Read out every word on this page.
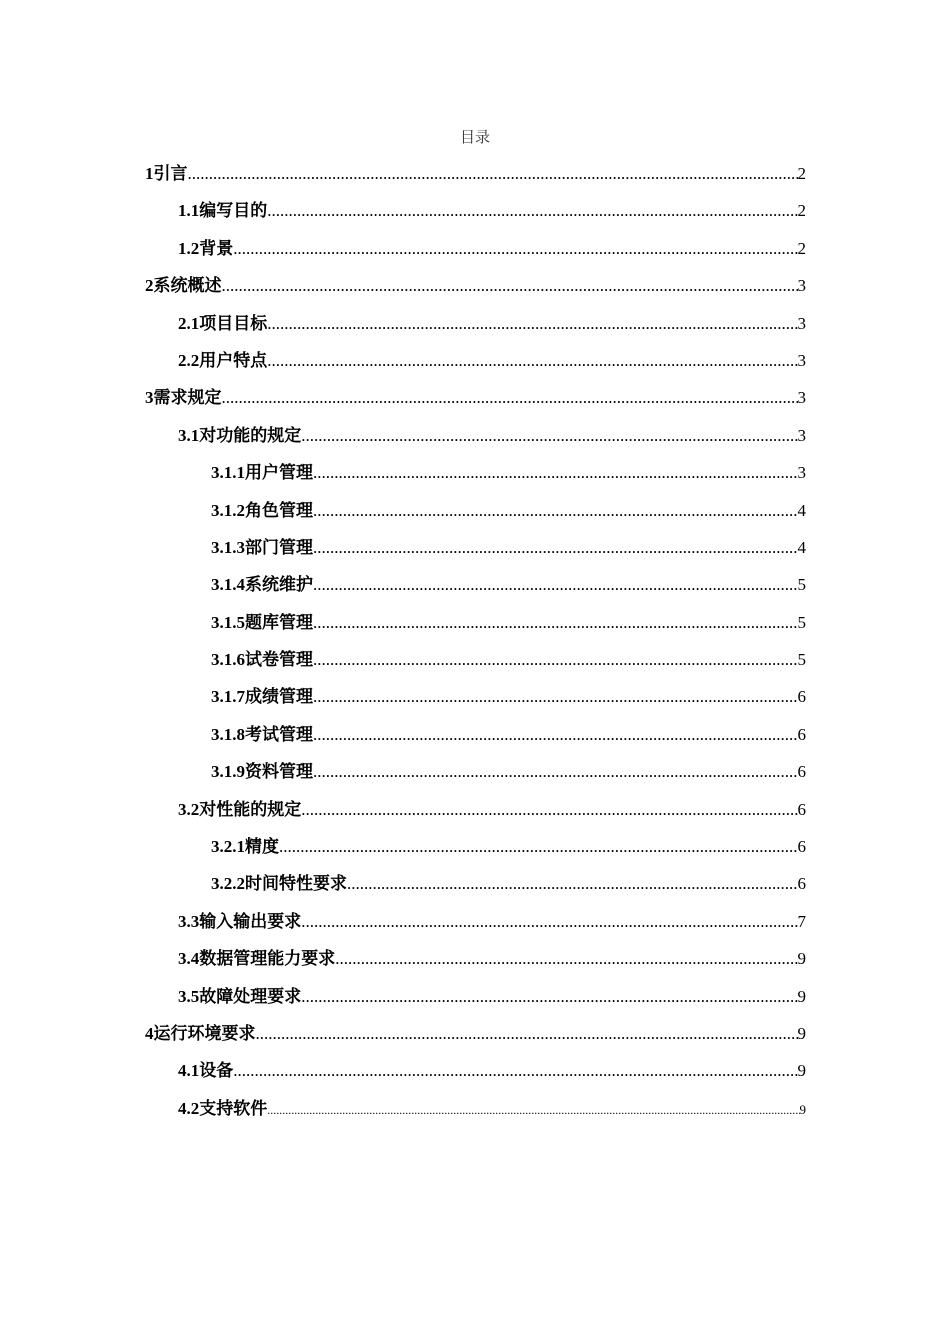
目录
1 引言 .....	2
1.1 编写目的 .....	2
1.2 背景 .....	2
2 系统概述 .....	3
2.1 项目目标 .....	3
2.2 用户特点 .....	3
3 需求规定 .....	3
3.1 对功能的规定 .....	3
3.1.1 用户管理 .....	3
3.1.2 角色管理 .....	4
3.1.3 部门管理 .....	4
3.1.4 系统维护 .....	5
3.1.5 题库管理 .....	5
3.1.6 试卷管理 .....	5
3.1.7 成绩管理 .....	6
3.1.8 考试管理 .....	6
3.1.9 资料管理 .....	6
3.2 对性能的规定 .....	6
3.2.1 精度 .....	6
3.2.2 时间特性要求 .....	6
3.3 输入输出要求 .....	7
3.4 数据管理能力要求 .....	9
3.5 故障处理要求 .....	9
4 运行环境要求 .....	9
4.1 设备 .....	9
4.2 支持软件 .....	9
